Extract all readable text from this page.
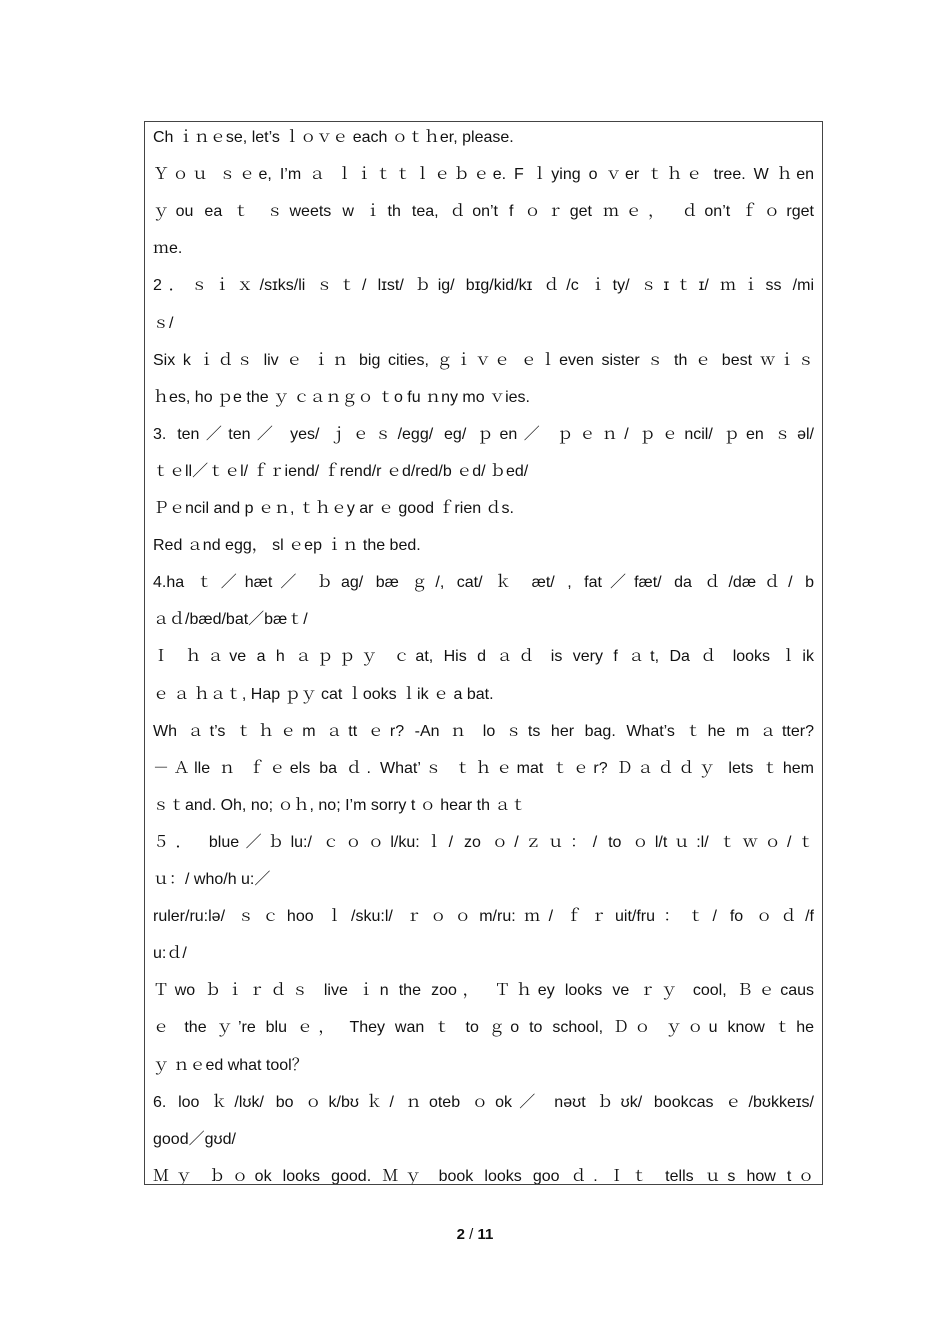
Ch ｉｎｅse, let’s ｌｏｖｅ each ｏｔｈer, please.
Ｙｏｕ ｓｅe, I’m ａ ｌｉｔｔｌｅｂｅe. F ｌying o ｖer ｔｈｅ tree. W ｈen
ｙou ea ｔ ｓweets w ｉth tea, ｄon’t f ｏｒget ｍｅ， ｄon’t ｆｏrget
ｍe.
2．ｓｉｘ/sɪks/li ｓｔ/ lɪst/ ｂig/ bɪg/kid/kɪ ｄ/c ｉty/ ｓɪｔɪ/ ｍｉss /mi
ｓ/
Six k ｉｄｓ liv ｅ ｉｎ big cities, ｇｉｖｅ ｅｌeven sister ｓ th ｅ best ｗｉｓ
ｈes, ho ｐe the ｙ ｃａｎｇｏ ｔo fu ｎny mo ｖies.
3. ten／ten／ yes/ ｊｅｓ/egg/ eg/ ｐen／ ｐｅｎ/ ｐｅncil/ ｐen ｓəl/
ｔｅll／ｔｅl/ ｆｒiend/ ｆrend/r ｅd/red/b ｅd/ ｂed/
Ｐｅncil and p ｅｎ, ｔｈｅy ar ｅ good ｆrien ｄs.
Red ａnd egg， sl ｅep ｉｎ the bed.
4.ha ｔ／hæt／ ｂag/ bæ ｇ/, cat/ ｋ æt/ , fat／fæt/ da ｄ/dæｄ/ b
ａｄ/bæd/bat／bæｔ/
Ｉ ｈａve a h ａｐｐｙ ｃat, His d ａｄ is very f ａt, Da ｄ looks ｌik
ｅ ａ ｈａｔ, Hap ｐｙ cat ｌooks ｌik ｅ a bat.
Wh ａt’s ｔｈｅm ａtt ｅr? -An ｎ lo ｓts her bag. What’s ｔhe m ａtter?
－Ａlle ｎ ｆｅels ba ｄ. What’ｓ ｔｈｅmat ｔｅr? Ｄａｄｄｙ lets ｔhem
ｓｔand. Oh, no; ｏｈ, no; I’m sorry t ｏ hear th ａｔ
５． blue／ｂlu:/ ｃｏｏl/ku:ｌ/ zo ｏ/ｚｕ：/ to ｏl/tｕ:l/ ｔｗｏ/ｔ
ｕ：/ who/h u:／
ruler/ru:lə/ ｓｃhoo ｌ/sku:l/ ｒｏｏm/ru:ｍ/ ｆｒuit/fru：ｔ/ fo ｏｄ/f
u:ｄ/
Ｔwo ｂｉｒｄｓ live ｉn the zoo， Ｔｈey looks ve ｒｙ cool, Ｂｅcaus
ｅ the ｙ’re blu ｅ， They wan ｔ to ｇo to school, Ｄｏ ｙｏu know ｔhe
ｙ ｎｅed what tool？
6. loo ｋ/lʊk/ bo ｏk/bʊｋ/ ｎoteb ｏok／ nəʊt ｂʊk/ bookcas ｅ/bʊkkeɪs/
good／gʊd/
Ｍｙ ｂｏok looks good. Ｍｙ book looks goo ｄ. Ｉｔ tells ｕs how tｏ
2 / 11
